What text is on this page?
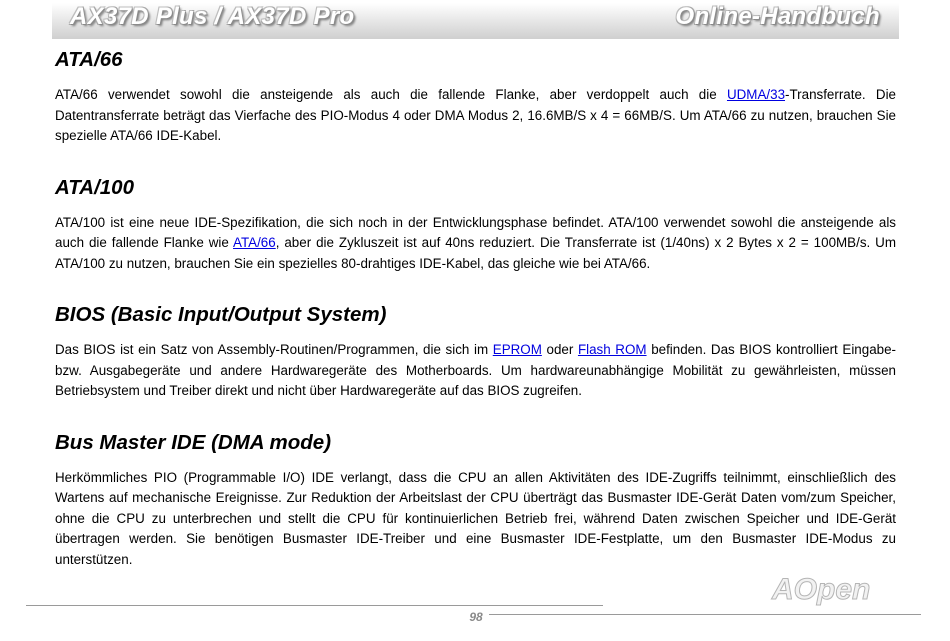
AX37D Plus / AX37D Pro	Online-Handbuch
ATA/66

ATA/66 verwendet sowohl die ansteigende als auch die fallende Flanke, aber verdoppelt auch die UDMA/33-Transferrate. Die Datentransferrate beträgt das Vierfache des PIO-Modus 4 oder DMA Modus 2, 16.6MB/S x 4 = 66MB/S. Um ATA/66 zu nutzen, brauchen Sie spezielle ATA/66 IDE-Kabel.

ATA/100

ATA/100 ist eine neue IDE-Spezifikation, die sich noch in der Entwicklungsphase befindet. ATA/100 verwendet sowohl die ansteigende als auch die fallende Flanke wie ATA/66, aber die Zykluszeit ist auf 40ns reduziert. Die Transferrate ist (1/40ns) x 2 Bytes x 2 = 100MB/s. Um ATA/100 zu nutzen, brauchen Sie ein spezielles 80-drahtiges IDE-Kabel, das gleiche wie bei ATA/66.

BIOS (Basic Input/Output System)

Das BIOS ist ein Satz von Assembly-Routinen/Programmen, die sich im EPROM oder Flash ROM befinden. Das BIOS kontrolliert Eingabe- bzw. Ausgabegeräte und andere Hardwaregeräte des Motherboards. Um hardwareunabhängige Mobilität zu gewährleisten, müssen Betriebsystem und Treiber direkt und nicht über Hardwaregeräte auf das BIOS zugreifen.

Bus Master IDE (DMA mode)

Herkömmliches PIO (Programmable I/O) IDE verlangt, dass die CPU an allen Aktivitäten des IDE-Zugriffs teilnimmt, einschließlich des Wartens auf mechanische Ereignisse. Zur Reduktion der Arbeitslast der CPU überträgt das Busmaster IDE-Gerät Daten vom/zum Speicher, ohne die CPU zu unterbrechen und stellt die CPU für kontinuierlichen Betrieb frei, während Daten zwischen Speicher und IDE-Gerät übertragen werden. Sie benötigen Busmaster IDE-Treiber und eine Busmaster IDE-Festplatte, um den Busmaster IDE-Modus zu unterstützen.

AOpen
98
